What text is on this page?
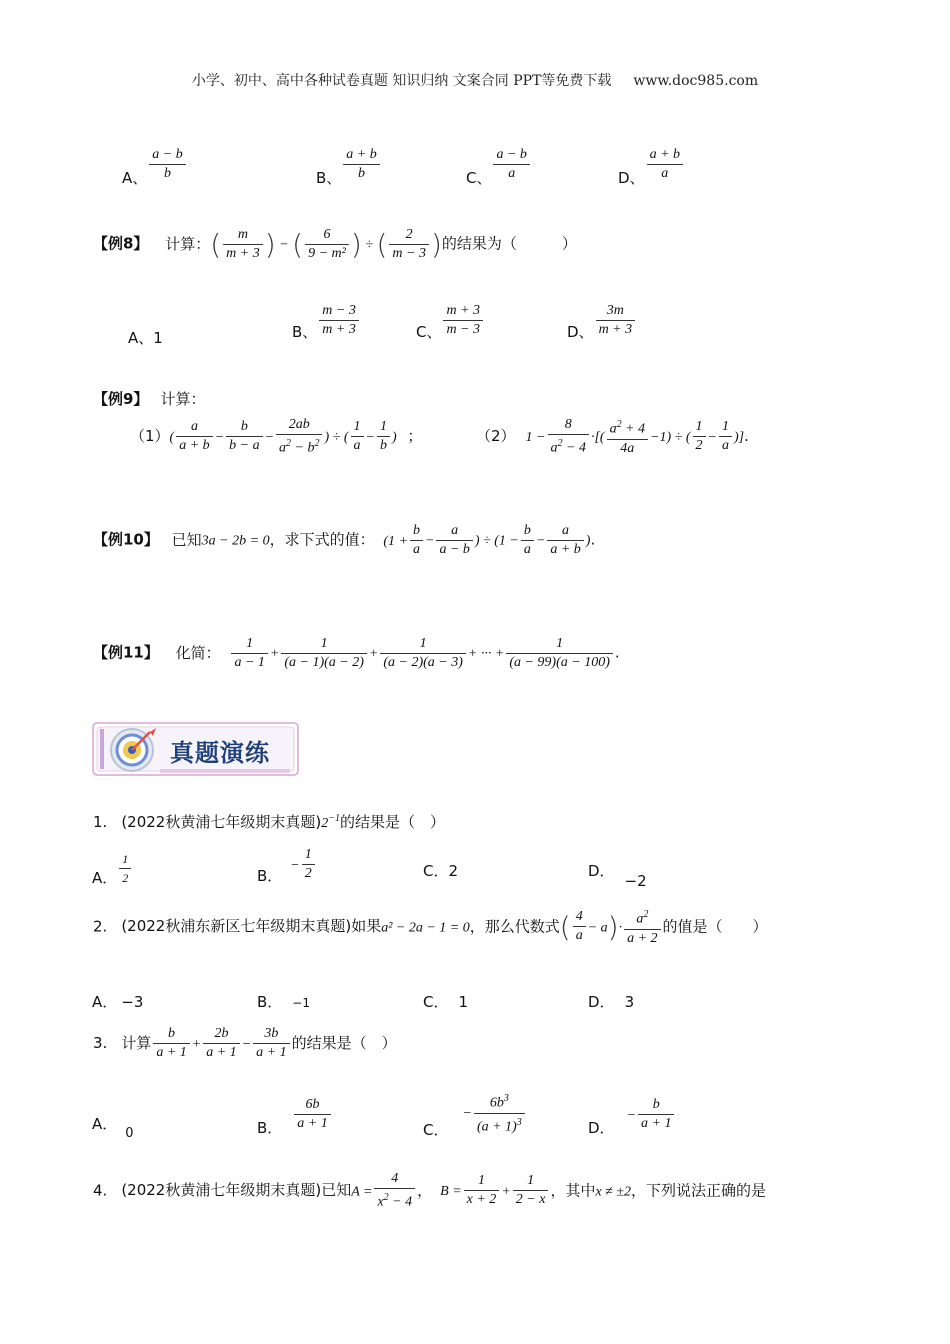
小学、初中、高中各种试卷真题 知识归纳 文案合同 PPT等免费下载 www.doc985.com
A、 $\frac{a - b}{b}$	B、 $\frac{a + b}{b}$	C、 $\frac{a - b}{a}$	D、 $\frac{a + b}{a}$
【例8】 计算：( $\frac{m}{m + 3}$ ) − ( $\frac{6}{\text{9 − m²}}$ ) ÷ ( $\frac{2}{m - 3}$ )的结果为（　　　）
A、1	B、 $\frac{m - 3}{m + 3}$	C、 $\frac{m + 3}{m - 3}$	D、 $\frac{3m}{m + 3}$
【例9】 计算：
$(1)( \frac{a}{a + b} - \frac{b}{b - a} - \frac{2ab}{a^2 - b^2}$ ) ÷ ( $\frac{1}{a} - \frac{1}{b}$ ) ；	（2） $1 - \frac{8}{a^2 - 4}$ ·[( $\frac{a^2 + 4}{4a} -1$) ÷ ( $\frac{1}{2} - \frac{1}{a}$ )].
【例10】 已知3a − 2b = 0，求下式的值： ($1 + \frac{b}{a} - \frac{a}{a - b}$ ) ÷ ($1 - \frac{b}{a} - \frac{a}{a + b}$ ).
【例11】 化简： $\frac{1}{a - 1} + \frac{1}{(a - 1)(a - 2)} + \frac{1}{(a - 2)(a - 3)}$ + ··· + $\frac{1}{(a - 99)(a - 100)}$ .
真题演练
1. (2022秋黄浦七年级期末真题)$2^{-1}$的结果是（　）
A． $\frac{1}{2}$	B．− $\frac{1}{2}$	C．2	D．−2
2. (2022秋浦东新区七年级期末真题)如果a² − 2a − 1 = 0，那么代数式( $\frac{4}{a} - a)\cdot \frac{a^2}{a + 2}$ 的值是（　　）
A． −3	B． −1	C． 1	D． 3
3. 计算 $\frac{b}{a + 1} + \frac{2b}{a + 1} - \frac{3b}{a + 1}$ 的结果是（　）
A．0	B． $\frac{6b}{a + 1}$	C．− $\frac{6b^3}{(a + 1)^3}$	D．− $\frac{b}{a + 1}$
4. (2022秋黄浦七年级期末真题)已知$A = \frac{4}{x^2 - 4}$ ， $B = \frac{1}{x + 2} + \frac{1}{2 - x}$ ，其中x ≠ ±2，下列说法正确的是
